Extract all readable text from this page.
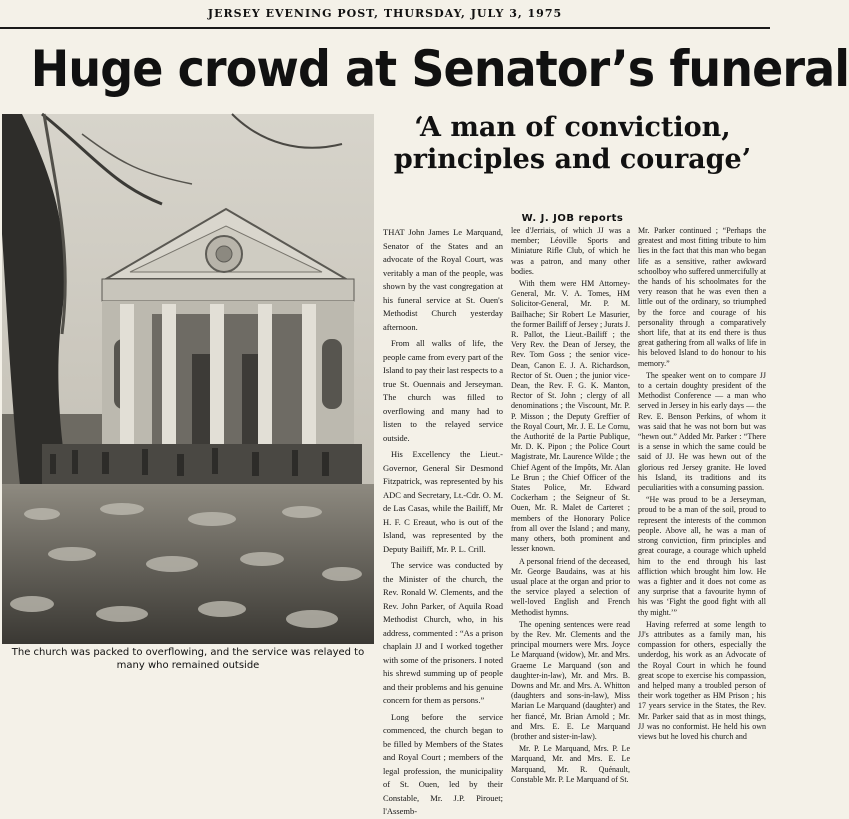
JERSEY EVENING POST, THURSDAY, JULY 3, 1975
Huge crowd at Senator’s funeral
The church was packed to overflowing, and the service was relayed to many who remained outside
‘A man of conviction,
principles and courage’
W. J. JOB reports

THAT John James Le Marquand, Senator of the States and an advocate of the Royal Court, was veritably a man of the people, was shown by the vast congregation at his funeral service at St. Ouen's Methodist Church yesterday afternoon.

From all walks of life, the people came from every part of the Island to pay their last respects to a true St. Ouennais and Jerseyman. The church was filled to overflowing and many had to listen to the relayed service outside.

His Excellency the Lieut.-Governor, General Sir Desmond Fitzpatrick, was represented by his ADC and Secretary, Lt.-Cdr. O. M. de Las Casas, while the Bailiff, Mr H. F. C Ereaut, who is out of the Island, was represented by the Deputy Bailiff, Mr. P. L. Crill.

The service was conducted by the Minister of the church, the Rev. Ronald W. Clements, and the Rev. John Parker, of Aquila Road Methodist Church, who, in his address, commented : “As a prison chaplain JJ and I worked together with some of the prisoners. I noted his shrewd summing up of people and their problems and his genuine concern for them as persons.”

Long before the service commenced, the church began to be filled by Members of the States and Royal Court ; members of the legal profession, the municipality of St. Ouen, led by their Constable, Mr. J.P. Pirouet; l'Assemb-

lee d'Jerriais, of which JJ was a member; Léoville Sports and Miniature Rifle Club, of which he was a patron, and many other bodies.

With them were HM Attorney-General, Mr. V. A. Tomes, HM Solicitor-General, Mr. P. M. Bailhache; Sir Robert Le Masurier, the former Bailiff of Jersey ; Jurats J. R. Pallot, the Lieut.-Bailiff ; the Very Rev. the Dean of Jersey, the Rev. Tom Goss ; the senior vice-Dean, Canon E. J. A. Richardson, Rector of St. Ouen ; the junior vice-Dean, the Rev. F. G. K. Manton, Rector of St. John ; clergy of all denominations ; the Viscount, Mr. P. P. Misson ; the Deputy Greffier of the Royal Court, Mr. J. E. Le Cornu, the Authorité de la Partie Publique, Mr. D. K. Pipon ; the Police Court Magistrate, Mr. Laurence Wilde ; the Chief Agent of the Impôts, Mr. Alan Le Brun ; the Chief Officer of the States Police, Mr. Edward Cockerham ; the Seigneur of St. Ouen, Mr. R. Malet de Carteret ; members of the Honorary Police from all over the Island ; and many, many others, both prominent and lesser known.

A personal friend of the deceased, Mr. George Baudains, was at his usual place at the organ and prior to the service played a selection of well-loved English and French Methodist hymns.

The opening sentences were read by the Rev. Mr. Clements and the principal mourners were Mrs. Joyce Le Marquand (widow), Mr. and Mrs. Graeme Le Marquand (son and daughter-in-law), Mr. and Mrs. B. Downs and Mr. and Mrs. A. Whitton (daughters and sons-in-law), Miss Marian Le Marquand (daughter) and her fiancé, Mr. Brian Arnold ; Mr. and Mrs. E. E. Le Marquand (brother and sister-in-law).

Mr. P. Le Marquand, Mrs. P. Le Marquand, Mr. and Mrs. E. Le Marquand, Mr. R. Quénault, Constable Mr. P. Le Marquand of St.

Mr. Parker continued ; “Perhaps the greatest and most fitting tribute to him lies in the fact that this man who began life as a sensitive, rather awkward schoolboy who suffered unmercifully at the hands of his schoolmates for the very reason that he was even then a little out of the ordinary, so triumphed by the force and courage of his personality through a comparatively short life, that at its end there is thus great gathering from all walks of life in his beloved Island to do honour to his memory.”

The speaker went on to compare JJ to a certain doughty president of the Methodist Conference — a man who served in Jersey in his early days — the Rev. E. Benson Perkins, of whom it was said that he was not born but was “hewn out.” Added Mr. Parker : “There is a sense in which the same could be said of JJ. He was hewn out of the glorious red Jersey granite. He loved his Island, its traditions and its peculiarities with a consuming passion.

“He was proud to be a Jerseyman, proud to be a man of the soil, proud to represent the interests of the common people. Above all, he was a man of strong conviction, firm principles and great courage, a courage which upheld him to the end through his last affliction which brought him low. He was a fighter and it does not come as any surprise that a favourite hymn of his was ‘Fight the good fight with all thy might.’”

Having referred at some length to JJ's attributes as a family man, his compassion for others, especially the underdog, his work as an Advocate of the Royal Court in which he found great scope to exercise his compassion, and helped many a troubled person of their work together as HM Prison ; his 17 years service in the States, the Rev. Mr. Parker said that as in most things, JJ was no conformist. He held his own views but he loved his church and
